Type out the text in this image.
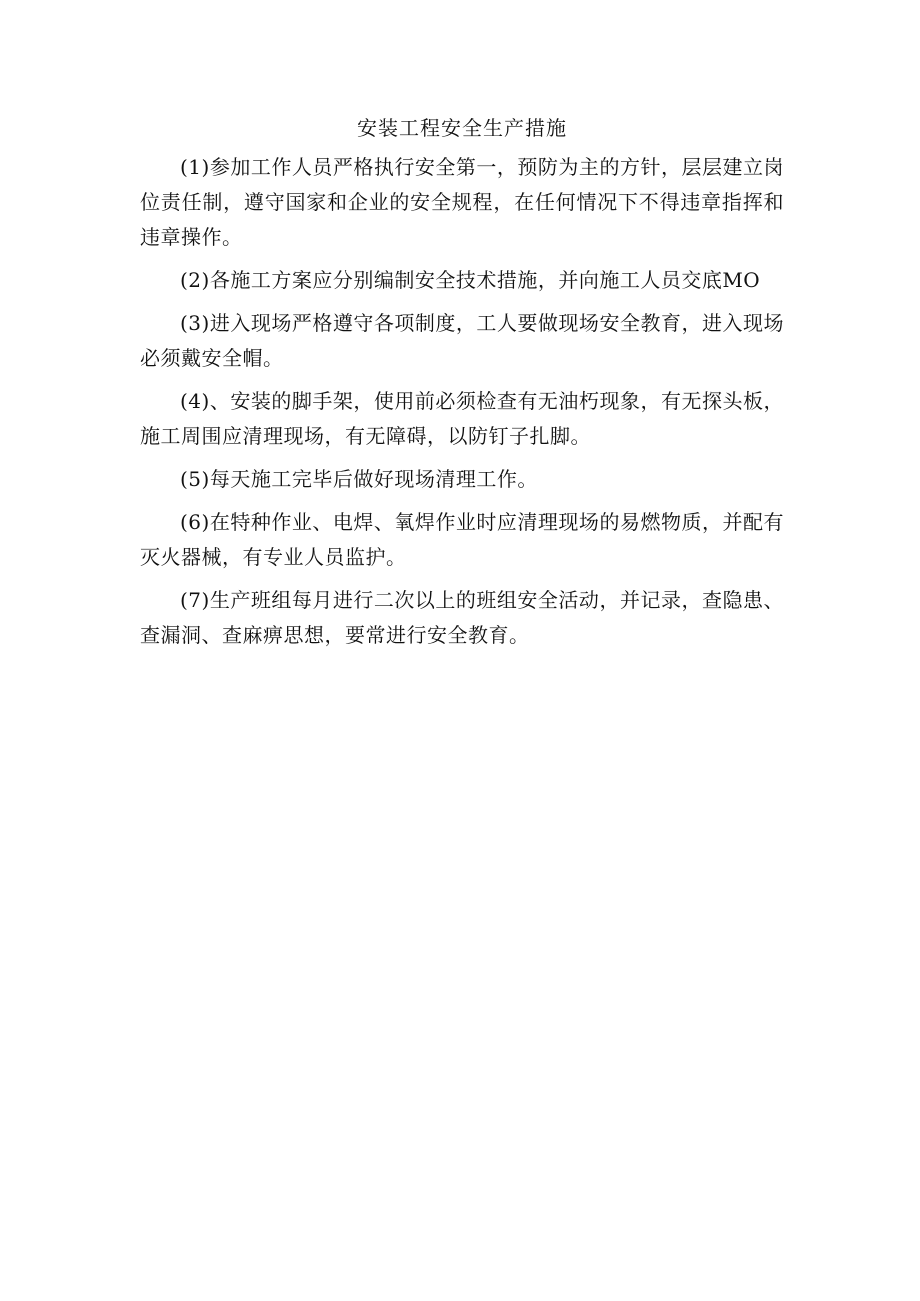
安装工程安全生产措施

(1)参加工作人员严格执行安全第一，预防为主的方针，层层建立岗位责任制，遵守国家和企业的安全规程，在任何情况下不得违章指挥和违章操作。

(2)各施工方案应分别编制安全技术措施，并向施工人员交底MO

(3)进入现场严格遵守各项制度，工人要做现场安全教育，进入现场必须戴安全帽。

(4)、安装的脚手架，使用前必须检查有无油朽现象，有无探头板，施工周围应清理现场，有无障碍，以防钉子扎脚。

(5)每天施工完毕后做好现场清理工作。

(6)在特种作业、电焊、氧焊作业时应清理现场的易燃物质，并配有灭火器械，有专业人员监护。

(7)生产班组每月进行二次以上的班组安全活动，并记录，查隐患、查漏洞、查麻痹思想，要常进行安全教育。
